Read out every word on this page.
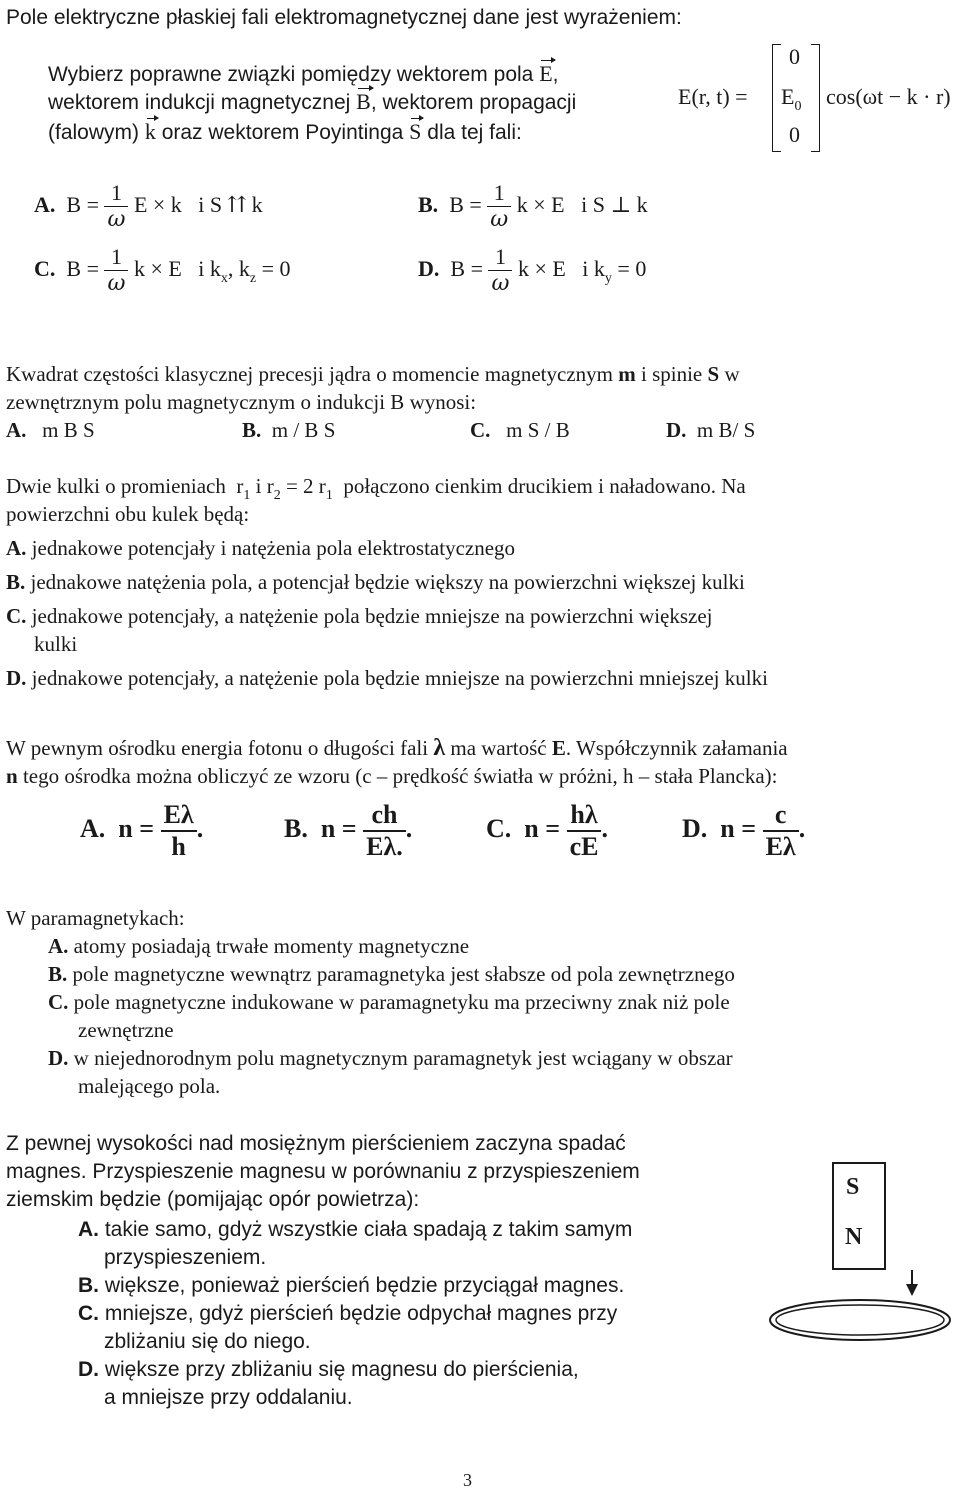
Pole elektryczne płaskiej fali elektromagnetycznej dane jest wyrażeniem:
Wybierz poprawne związki pomiędzy wektorem pola E,
wektorem indukcji magnetycznej B, wektorem propagacji
(falowym) k oraz wektorem Poyintinga S dla tej fali:
E(r, t) =
0
$E_0$
0
cos(ωt − k · r)
A. $B = \frac{1}{\omega}$ E × k i S ⇈ k	B. $B = \frac{1}{\omega}$ k × E i S ⊥ k
C. $B = \frac{1}{\omega}$ k × E i $k_x$, $k_z = 0$	D. $B = \frac{1}{\omega}$ k × E i $k_y = 0$
Kwadrat częstości klasycznej precesji jądra o momencie magnetycznym m i spinie S w
zewnętrznym polu magnetycznym o indukcji B wynosi:
A. m B S	B. m / B S	C. m S / B	D. m B/ S
Dwie kulki o promieniach $r_1$ i $r_2 = 2$ $r_1$ połączono cienkim drucikiem i naładowano. Na
powierzchni obu kulek będą:
A. jednakowe potencjały i natężenia pola elektrostatycznego
B. jednakowe natężenia pola, a potencjał będzie większy na powierzchni większej kulki
C. jednakowe potencjały, a natężenie pola będzie mniejsze na powierzchni większej
kulki
D. jednakowe potencjały, a natężenie pola będzie mniejsze na powierzchni mniejszej kulki
W pewnym ośrodku energia fotonu o długości fali λ ma wartość E. Współczynnik załamania
n tego ośrodka można obliczyć ze wzoru (c – prędkość światła w próżni, h – stała Plancka):
A. $n = \frac{E\lambda}{h}$ .	B. $n = \frac{ch}{E\lambda.}$ .	C. $n = \frac{h\lambda}{cE}$ .	D. $n = \frac{c}{E\lambda}$ .
W paramagnetykach:
A. atomy posiadają trwałe momenty magnetyczne
B. pole magnetyczne wewnątrz paramagnetyka jest słabsze od pola zewnętrznego
C. pole magnetyczne indukowane w paramagnetyku ma przeciwny znak niż pole
zewnętrzne
D. w niejednorodnym polu magnetycznym paramagnetyk jest wciągany w obszar
malejącego pola.
Z pewnej wysokości nad mosiężnym pierścieniem zaczyna spadać
magnes. Przyspieszenie magnesu w porównaniu z przyspieszeniem
ziemskim będzie (pomijając opór powietrza):
A. takie samo, gdyż wszystkie ciała spadają z takim samym
przyspieszeniem.
B. większe, ponieważ pierścień będzie przyciągał magnes.
C. mniejsze, gdyż pierścień będzie odpychał magnes przy
zbliżaniu się do niego.
D. większe przy zbliżaniu się magnesu do pierścienia,
a mniejsze przy oddalaniu.
S
N
3
